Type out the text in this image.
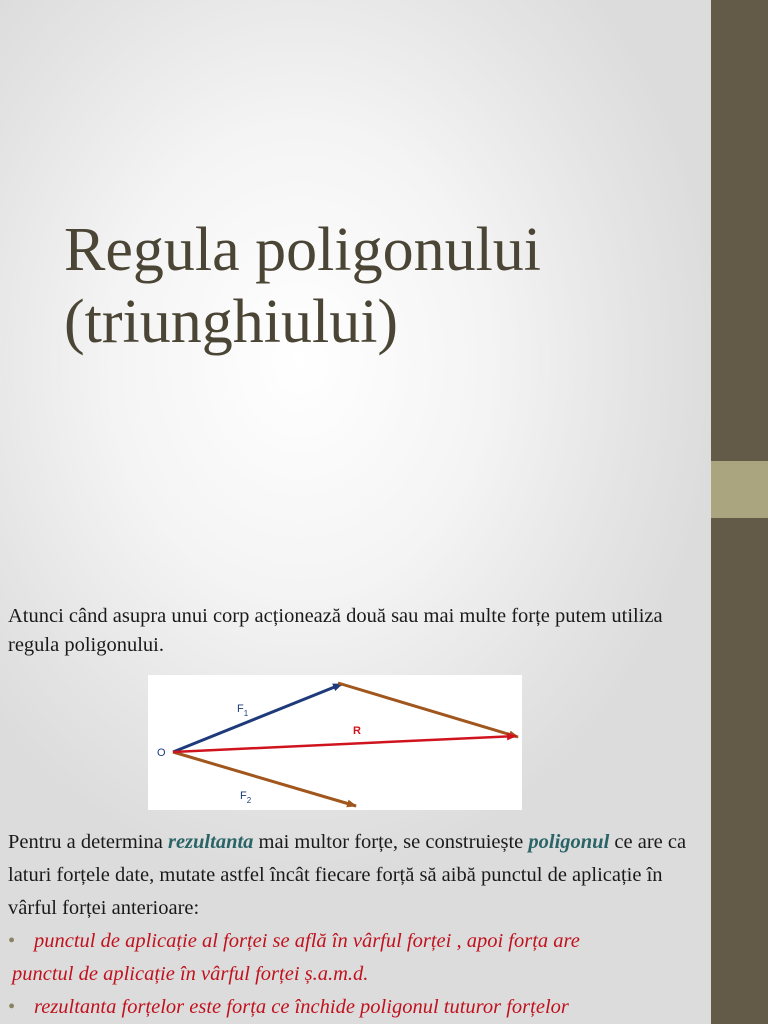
Regula poligonului
(triunghiului)
Atunci când asupra unui corp acționează două sau mai multe forțe putem utiliza regula poligonului.
O
$F_1$
R
$F_2$
Pentru a determina rezultanta mai multor forțe, se construiește poligonul ce are ca laturi forțele date, mutate astfel încât fiecare forță să aibă punctul de aplicație în vârful forței anterioare:
• punctul de aplicație al forței se află în vârful forței , apoi forța are
punctul de aplicație în vârful forței ș.a.m.d.
• rezultanta forțelor este forța ce închide poligonul tuturor forțelor
